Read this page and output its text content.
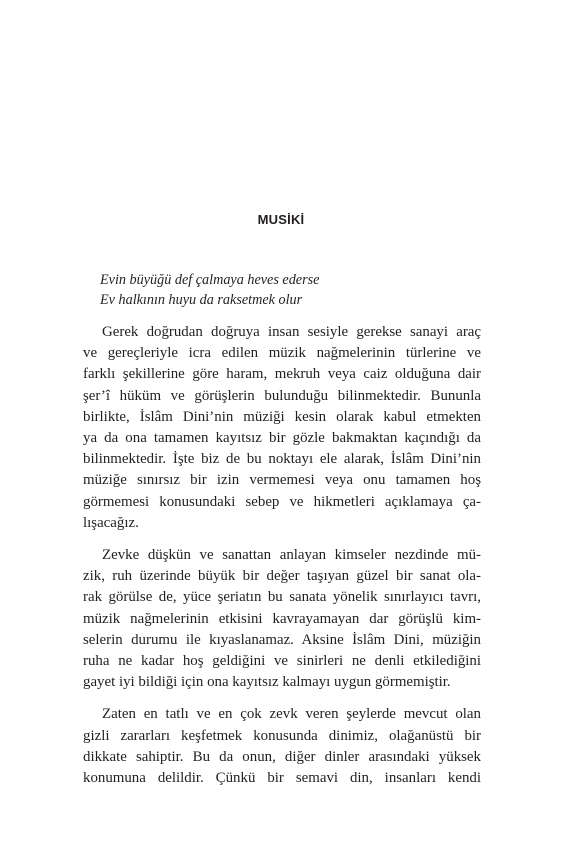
MUSİKİ
Evin büyüğü def çalmaya heves ederse
Ev halkının huyu da raksetmek olur
Gerek doğrudan doğruya insan sesiyle gerekse sanayi araç
ve gereçleriyle icra edilen müzik nağmelerinin türlerine ve
farklı şekillerine göre haram, mekruh veya caiz olduğuna dair
şer’î hüküm ve görüşlerin bulunduğu bilinmektedir. Bununla
birlikte, İslâm Dini’nin müziği kesin olarak kabul etmekten
ya da ona tamamen kayıtsız bir gözle bakmaktan kaçındığı da
bilinmektedir. İşte biz de bu noktayı ele alarak, İslâm Dini’nin
müziğe sınırsız bir izin vermemesi veya onu tamamen hoş
görmemesi konusundaki sebep ve hikmetleri açıklamaya ça-
lışacağız.
Zevke düşkün ve sanattan anlayan kimseler nezdinde mü-
zik, ruh üzerinde büyük bir değer taşıyan güzel bir sanat ola-
rak görülse de, yüce şeriatın bu sanata yönelik sınırlayıcı tavrı,
müzik nağmelerinin etkisini kavrayamayan dar görüşlü kim-
selerin durumu ile kıyaslanamaz. Aksine İslâm Dini, müziğin
ruha ne kadar hoş geldiğini ve sinirleri ne denli etkilediğini
gayet iyi bildiği için ona kayıtsız kalmayı uygun görmemiştir.
Zaten en tatlı ve en çok zevk veren şeylerde mevcut olan
gizli zararları keşfetmek konusunda dinimiz, olağanüstü bir
dikkate sahiptir. Bu da onun, diğer dinler arasındaki yüksek
konumuna delildir. Çünkü bir semavi din, insanları kendi
